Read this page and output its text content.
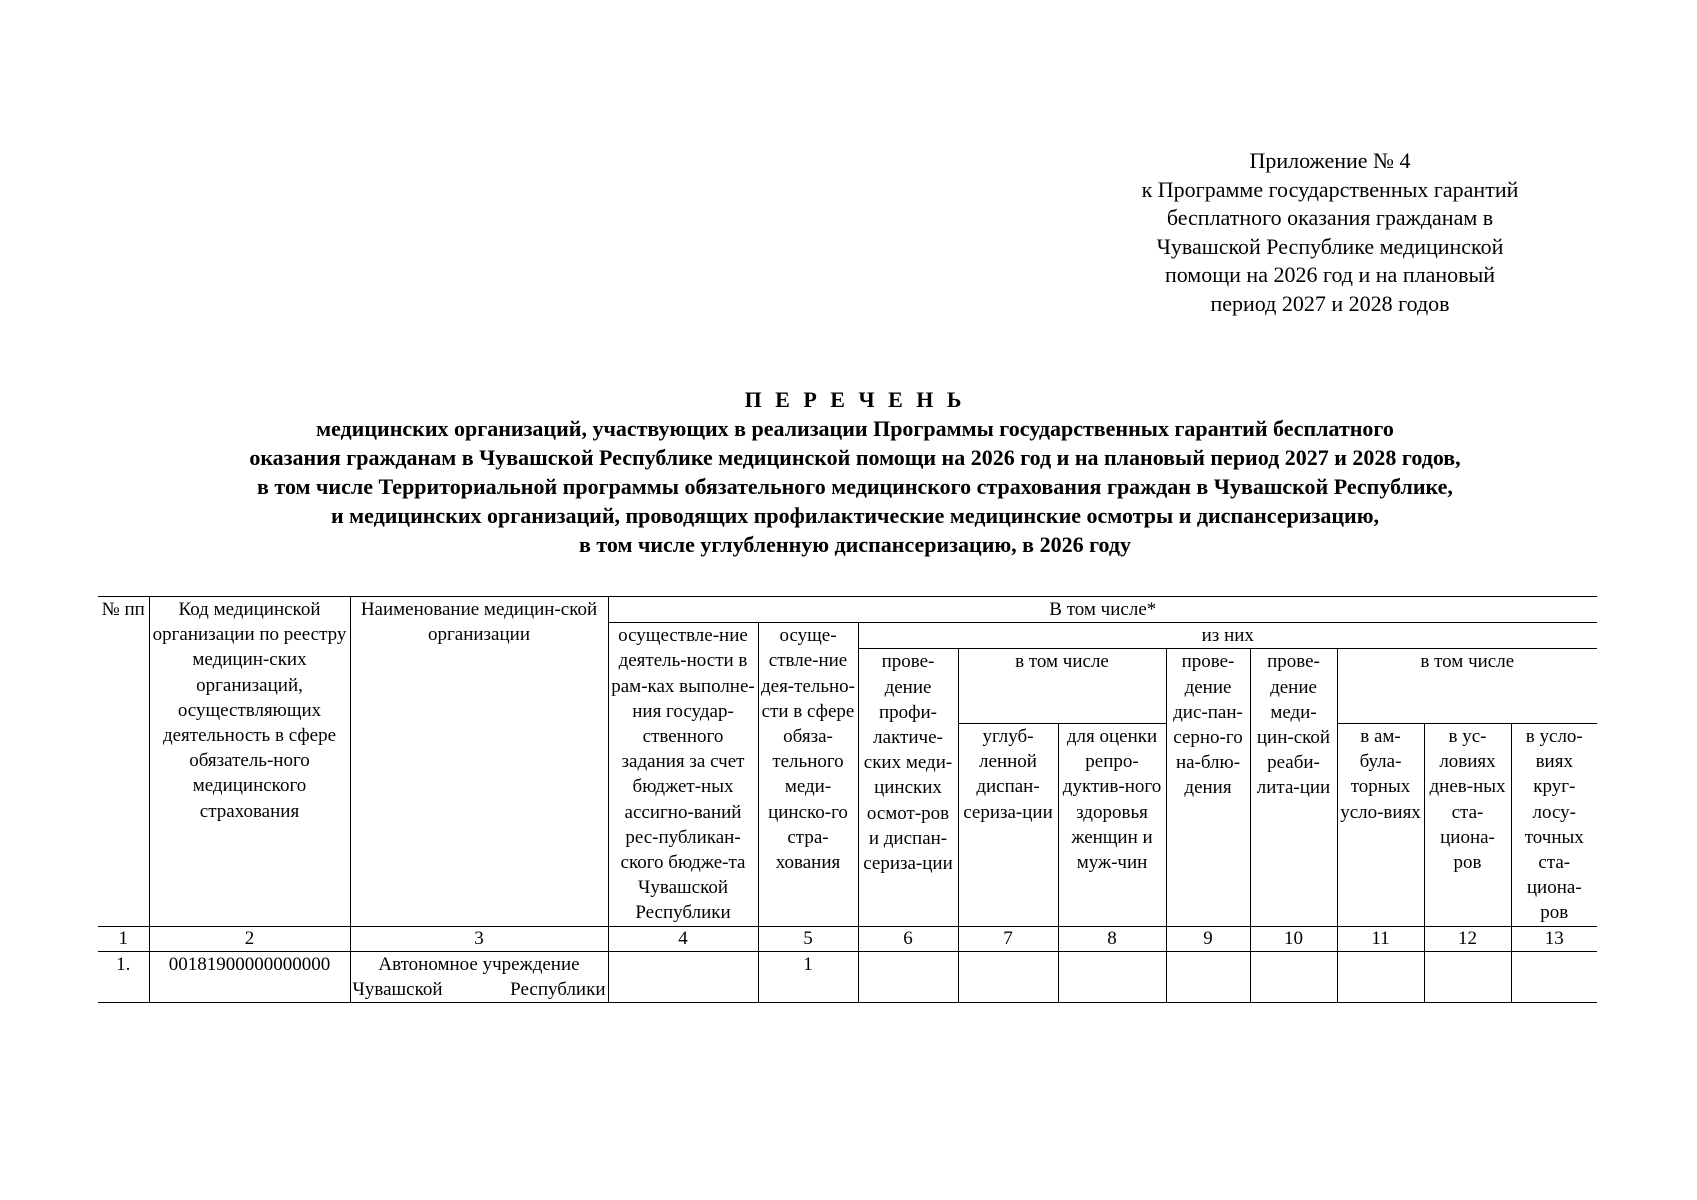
Приложение № 4
к Программе государственных гарантий
бесплатного оказания гражданам в
Чувашской Республике медицинской
помощи на 2026 год и на плановый
период 2027 и 2028 годов
П Е Р Е Ч Е Н Ь
медицинских организаций, участвующих в реализации Программы государственных гарантий бесплатного
оказания гражданам в Чувашской Республике медицинской помощи на 2026 год и на плановый период 2027 и 2028 годов,
в том числе Территориальной программы обязательного медицинского страхования граждан в Чувашской Республике,
и медицинских организаций, проводящих профилактические медицинские осмотры и диспансеризацию,
в том числе углубленную диспансеризацию, в 2026 году
№ пп	Код медицинской организации по реестру медицин-ских организаций, осуществляющих деятельность в сфере обязатель-ного медицинского страхования	Наименование медицин-ской организации	В том числе*									
			осуществле-ние деятель-ности в рам-ках выполне-ния государ-ственного задания за счет бюджет-ных ассигно-ваний рес-публикан-ского бюдже-та Чувашской Республики	осуще-ствле-ние дея-тельно-сти в сфере обяза-тельного меди-цинско-го стра-хования	из них							
					прове-дение профи-лактиче-ских меди-цинских осмот-ров и диспан-сериза-ции	в том числе		прове-дение дис-пан-серно-го на-блю-дения	прове-дение меди-цин-ской реаби-лита-ции	в том числе		
						углуб-ленной диспан-сериза-ции	для оценки репро-дуктив-ного здоровья женщин и муж-чин			в ам-була-торных усло-виях	в ус-ловиях днев-ных ста-циона-ров	в усло-виях круг-лосу-точных ста-циона-ров
1	2	3	4	5	6	7	8	9	10	11	12	13
1.	00181900000000000	Автономное учреждение Чувашской Республики		1								
